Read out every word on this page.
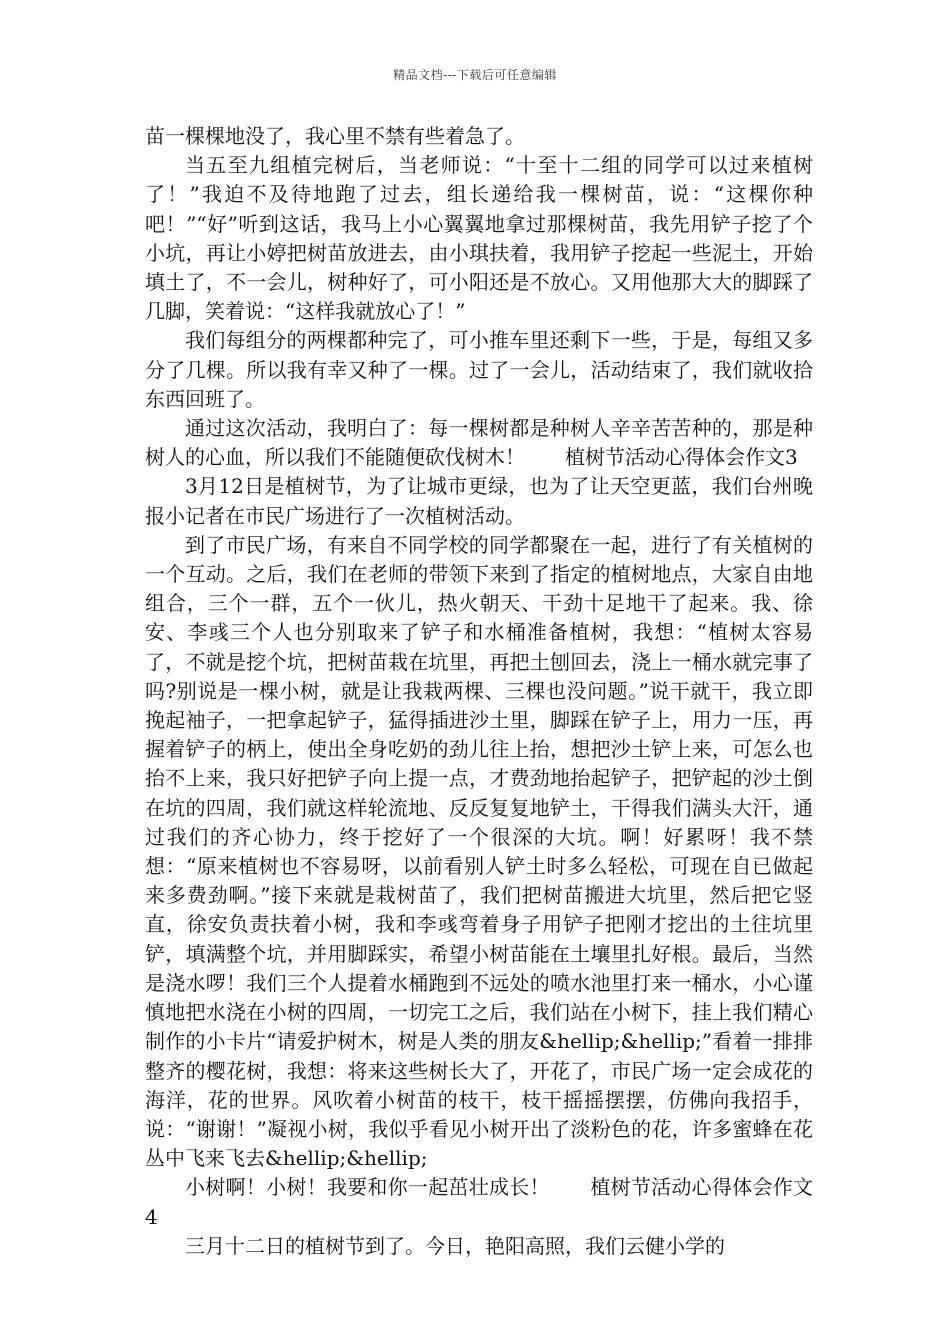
精品文档---下载后可任意编辑

苗一棵棵地没了，我心里不禁有些着急了。

当五至九组植完树后，当老师说：“十至十二组的同学可以过来植树了！”我迫不及待地跑了过去，组长递给我一棵树苗，说：“这棵你种吧！”“好”听到这话，我马上小心翼翼地拿过那棵树苗，我先用铲子挖了个小坑，再让小婷把树苗放进去，由小琪扶着，我用铲子挖起一些泥土，开始填土了，不一会儿，树种好了，可小阳还是不放心。又用他那大大的脚踩了几脚，笑着说：“这样我就放心了！”

我们每组分的两棵都种完了，可小推车里还剩下一些，于是，每组又多分了几棵。所以我有幸又种了一棵。过了一会儿，活动结束了，我们就收拾东西回班了。

通过这次活动，我明白了：每一棵树都是种树人辛辛苦苦种的，那是种树人的心血，所以我们不能随便砍伐树木！　　植树节活动心得体会作文3

3月12日是植树节，为了让城市更绿，也为了让天空更蓝，我们台州晚报小记者在市民广场进行了一次植树活动。

到了市民广场，有来自不同学校的同学都聚在一起，进行了有关植树的一个互动。之后，我们在老师的带领下来到了指定的植树地点，大家自由地组合，三个一群，五个一伙儿，热火朝天、干劲十足地干了起来。我、徐安、李彧三个人也分别取来了铲子和水桶准备植树，我想：“植树太容易了，不就是挖个坑，把树苗栽在坑里，再把土刨回去，浇上一桶水就完事了吗?别说是一棵小树，就是让我栽两棵、三棵也没问题。”说干就干，我立即挽起袖子，一把拿起铲子，猛得插进沙土里，脚踩在铲子上，用力一压，再握着铲子的柄上，使出全身吃奶的劲儿往上抬，想把沙土铲上来，可怎么也抬不上来，我只好把铲子向上提一点，才费劲地抬起铲子，把铲起的沙土倒在坑的四周，我们就这样轮流地、反反复复地铲土，干得我们满头大汗，通过我们的齐心协力，终于挖好了一个很深的大坑。啊！好累呀！我不禁想：“原来植树也不容易呀，以前看别人铲土时多么轻松，可现在自已做起来多费劲啊。”接下来就是栽树苗了，我们把树苗搬进大坑里，然后把它竖直，徐安负责扶着小树，我和李彧弯着身子用铲子把刚才挖出的土往坑里铲，填满整个坑，并用脚踩实，希望小树苗能在土壤里扎好根。最后，当然是浇水啰！我们三个人提着水桶跑到不远处的喷水池里打来一桶水，小心谨慎地把水浇在小树的四周，一切完工之后，我们站在小树下，挂上我们精心制作的小卡片“请爱护树木，树是人类的朋友&hellip;&hellip;”看着一排排整齐的樱花树，我想：将来这些树长大了，开花了，市民广场一定会成花的海洋，花的世界。风吹着小树苗的枝干，枝干摇摇摆摆，仿佛向我招手，说：“谢谢！”凝视小树，我似乎看见小树开出了淡粉色的花，许多蜜蜂在花丛中飞来飞去&hellip;&hellip;

小树啊！小树！我要和你一起茁壮成长！　　植树节活动心得体会作文4

三月十二日的植树节到了。今日，艳阳高照，我们云健小学的
